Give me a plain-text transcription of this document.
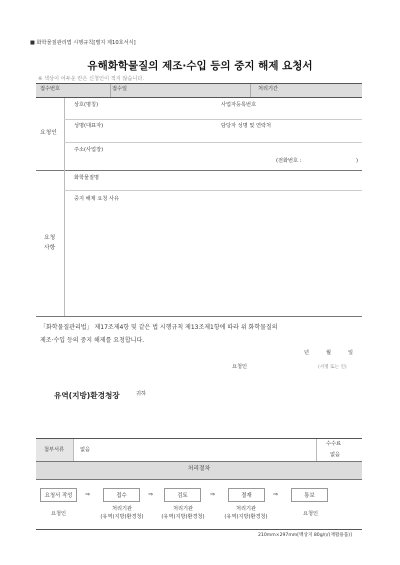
■ 화학물질관리법 시행규칙[별지 제10호서식]
유해화학물질의 제조·수입 등의 중지 해제 요청서
※ 색상이 어두운 란은 신청인이 적지 않습니다.
접수번호	접수일	처리기간
요청인
상호(명칭)	사업자등록번호
성명(대표자)	담당자 성명 및 연락처
주소(사업장)
(전화번호 :	)
요청
사항
화학물질명
중지 해제 요청 사유
「화학물질관리법」 제17조제4항 및 같은 법 시행규칙 제13조제1항에 따라 위 화학물질의
제조·수입 등의 중지 해제를 요청합니다.
년	월	일
요청인	(서명 또는 인)
유역(지방)환경청장	귀하
첨부서류	없음
수수료
없음
처리절차
요청서 작성	⇒	접수	⇒	검토	⇒	결재	⇒	통보
요청인
처리기관
(유역(지방)환경청)
처리기관
(유역(지방)환경청)
처리기관
(유역(지방)환경청)	요청인
210mm×297mm[백상지 80g/㎡(재활용품)]
